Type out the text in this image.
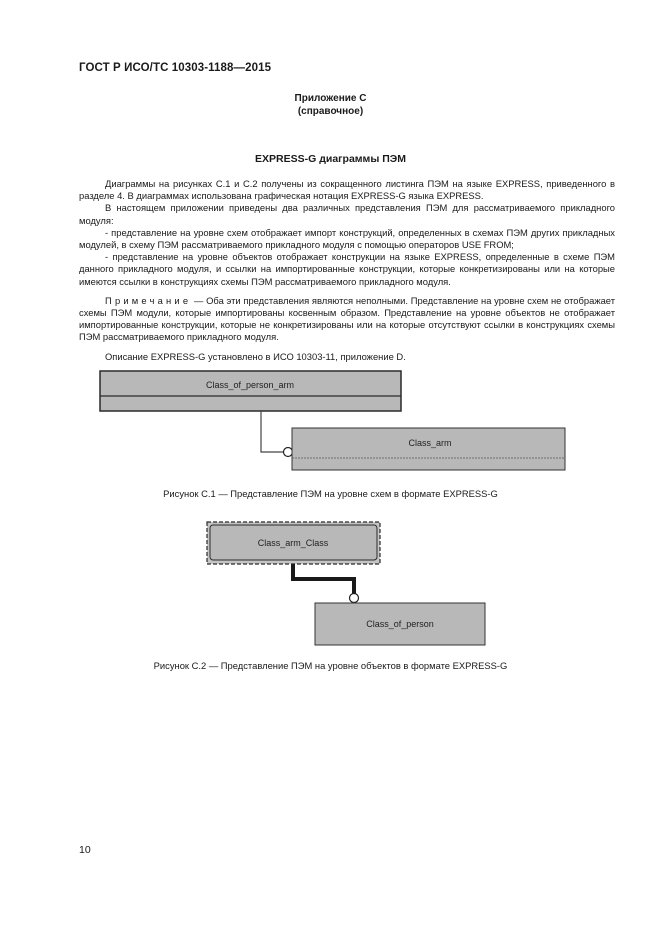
ГОСТ Р ИСО/ТС 10303-1188—2015
Приложение С
(справочное)
EXPRESS-G диаграммы ПЭМ

Диаграммы на рисунках С.1 и С.2 получены из сокращенного листинга ПЭМ на языке EXPRESS, приведенного в разделе 4. В диаграммах использована графическая нотация EXPRESS-G языка EXPRESS.

В настоящем приложении приведены два различных представления ПЭМ для рассматриваемого прикладного модуля:

- представление на уровне схем отображает импорт конструкций, определенных в схемах ПЭМ других прикладных модулей, в схему ПЭМ рассматриваемого прикладного модуля с помощью операторов USE FROM;

- представление на уровне объектов отображает конструкции на языке EXPRESS, определенные в схеме ПЭМ данного прикладного модуля, и ссылки на импортированные конструкции, которые конкретизированы или на которые имеются ссылки в конструкциях схемы ПЭМ рассматриваемого прикладного модуля.

Примечание — Оба эти представления являются неполными. Представление на уровне схем не отображает схемы ПЭМ модули, которые импортированы косвенным образом. Представление на уровне объектов не отображает импортированные конструкции, которые не конкретизированы или на которые отсутствуют ссылки в конструкциях схемы ПЭМ рассматриваемого прикладного модуля.

Описание EXPRESS-G установлено в ИСО 10303-11, приложение D.

Class_of_person_arm
Class_arm
Class_arm_Class
Class_of_person
Рисунок С.1 — Представление ПЭМ на уровне схем в формате EXPRESS-G
Рисунок С.2 — Представление ПЭМ на уровне объектов в формате EXPRESS-G
10
